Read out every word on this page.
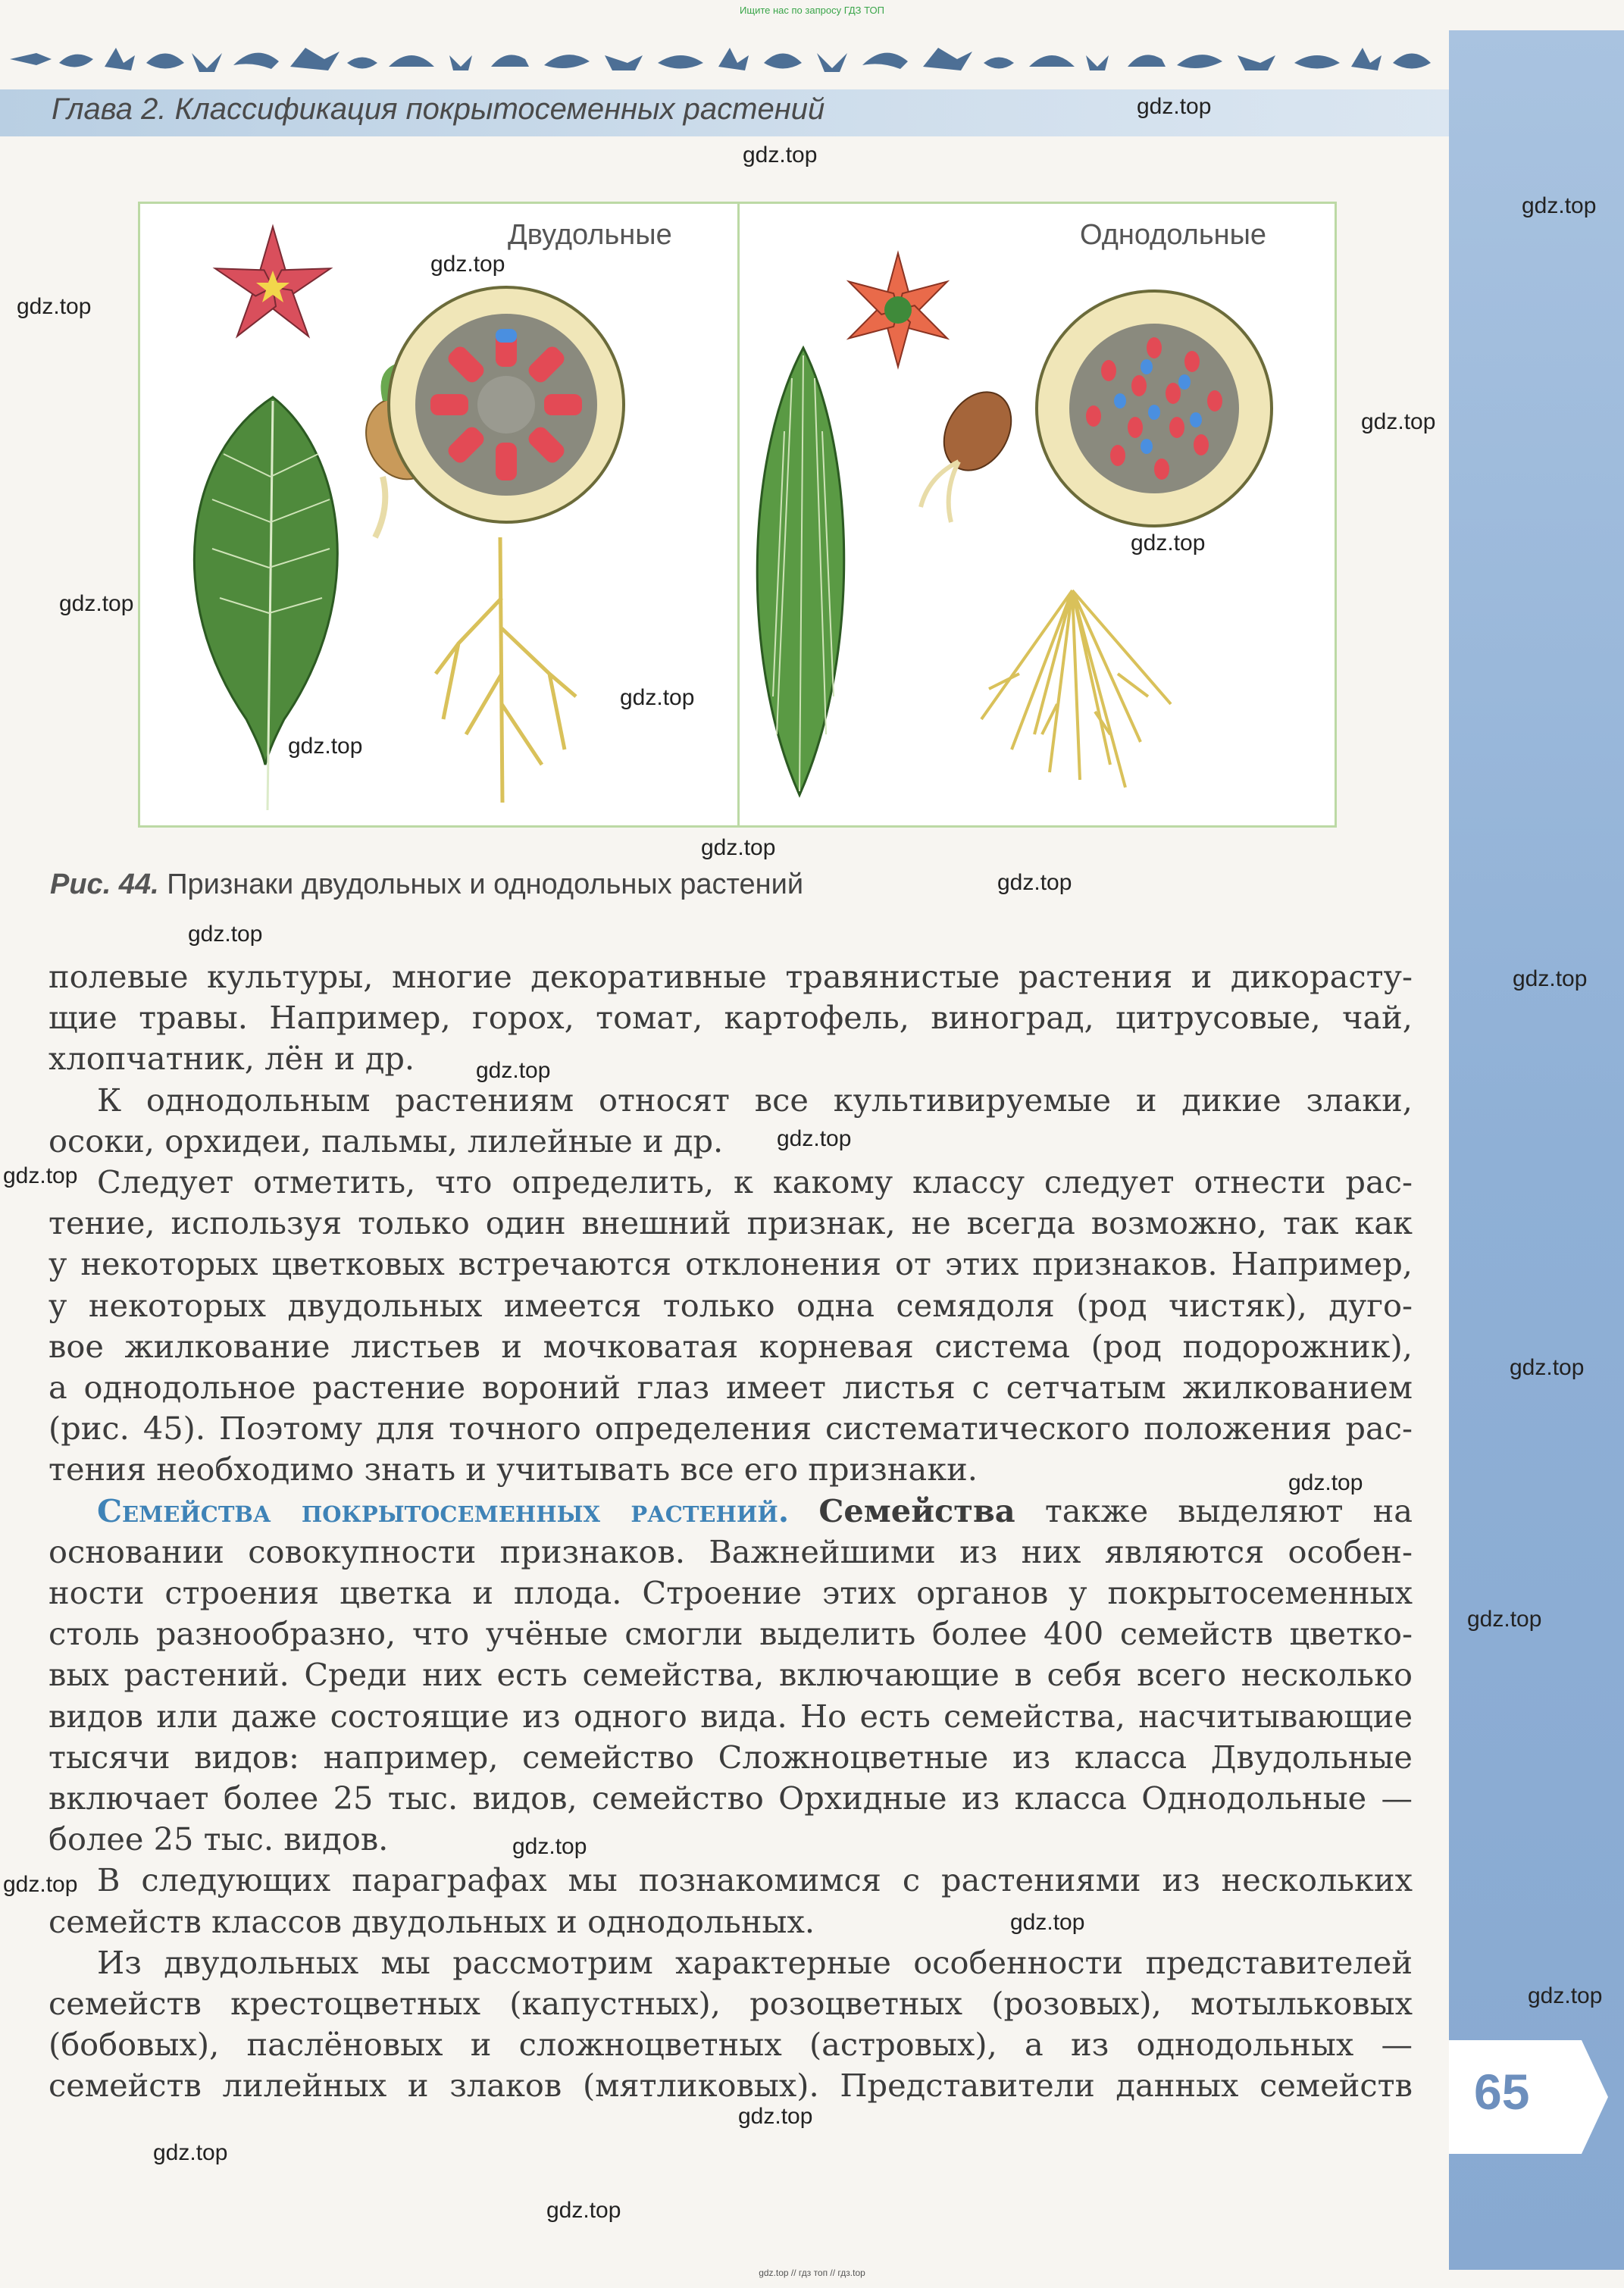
Ищите нас по запросу ГДЗ ТОП
Глава 2. Классификация покрытосеменных растений
65
Двудольные	Однодольные
Рис. 44. Признаки двудольных и однодольных растений

полевые культуры, многие декоративные травянистые растения и дикорасту-

щие травы. Например, горох, томат, картофель, виноград, цитрусовые, чай,

хлопчатник, лён и др.

К однодольным растениям относят все культивируемые и дикие злаки,

осоки, орхидеи, пальмы, лилейные и др.

Следует отметить, что определить, к какому классу следует отнести рас-

тение, используя только один внешний признак, не всегда возможно, так как

у некоторых цветковых встречаются отклонения от этих признаков. Например,

у некоторых двудольных имеется только одна семядоля (род чистяк), дуго-

вое жилкование листьев и мочковатая корневая система (род подорожник),

а однодольное растение вороний глаз имеет листья с сетчатым жилкованием

(рис. 45). Поэтому для точного определения систематического положения рас-

тения необходимо знать и учитывать все его признаки.

Семейства покрытосеменных растений. Семейства также выделяют на

основании совокупности признаков. Важнейшими из них являются особен-

ности строения цветка и плода. Строение этих органов у покрытосеменных

столь разнообразно, что учёные смогли выделить более 400 семейств цветко-

вых растений. Среди них есть семейства, включающие в себя всего несколько

видов или даже состоящие из одного вида. Но есть семейства, насчитывающие

тысячи видов: например, семейство Сложноцветные из класса Двудольные

включает более 25 тыс. видов, семейство Орхидные из класса Однодольные —

более 25 тыс. видов.

В следующих параграфах мы познакомимся с растениями из нескольких

семейств классов двудольных и однодольных.

Из двудольных мы рассмотрим характерные особенности представителей

семейств крестоцветных (капустных), розоцветных (розовых), мотыльковых

(бобовых), паслёновых и сложноцветных (астровых), а из однодольных —

семейств лилейных и злаков (мятликовых). Представители данных семейств

gdz.top
gdz.top
gdz.top
gdz.top
gdz.top
gdz.top
gdz.top
gdz.top
gdz.top
gdz.top
gdz.top
gdz.top
gdz.top
gdz.top
gdz.top
gdz.top
gdz.top
gdz.top
gdz.top
gdz.top
gdz.top
gdz.top
gdz.top
gdz.top
gdz.top
gdz.top
gdz.top
gdz.top // гдз топ // гдз.top
